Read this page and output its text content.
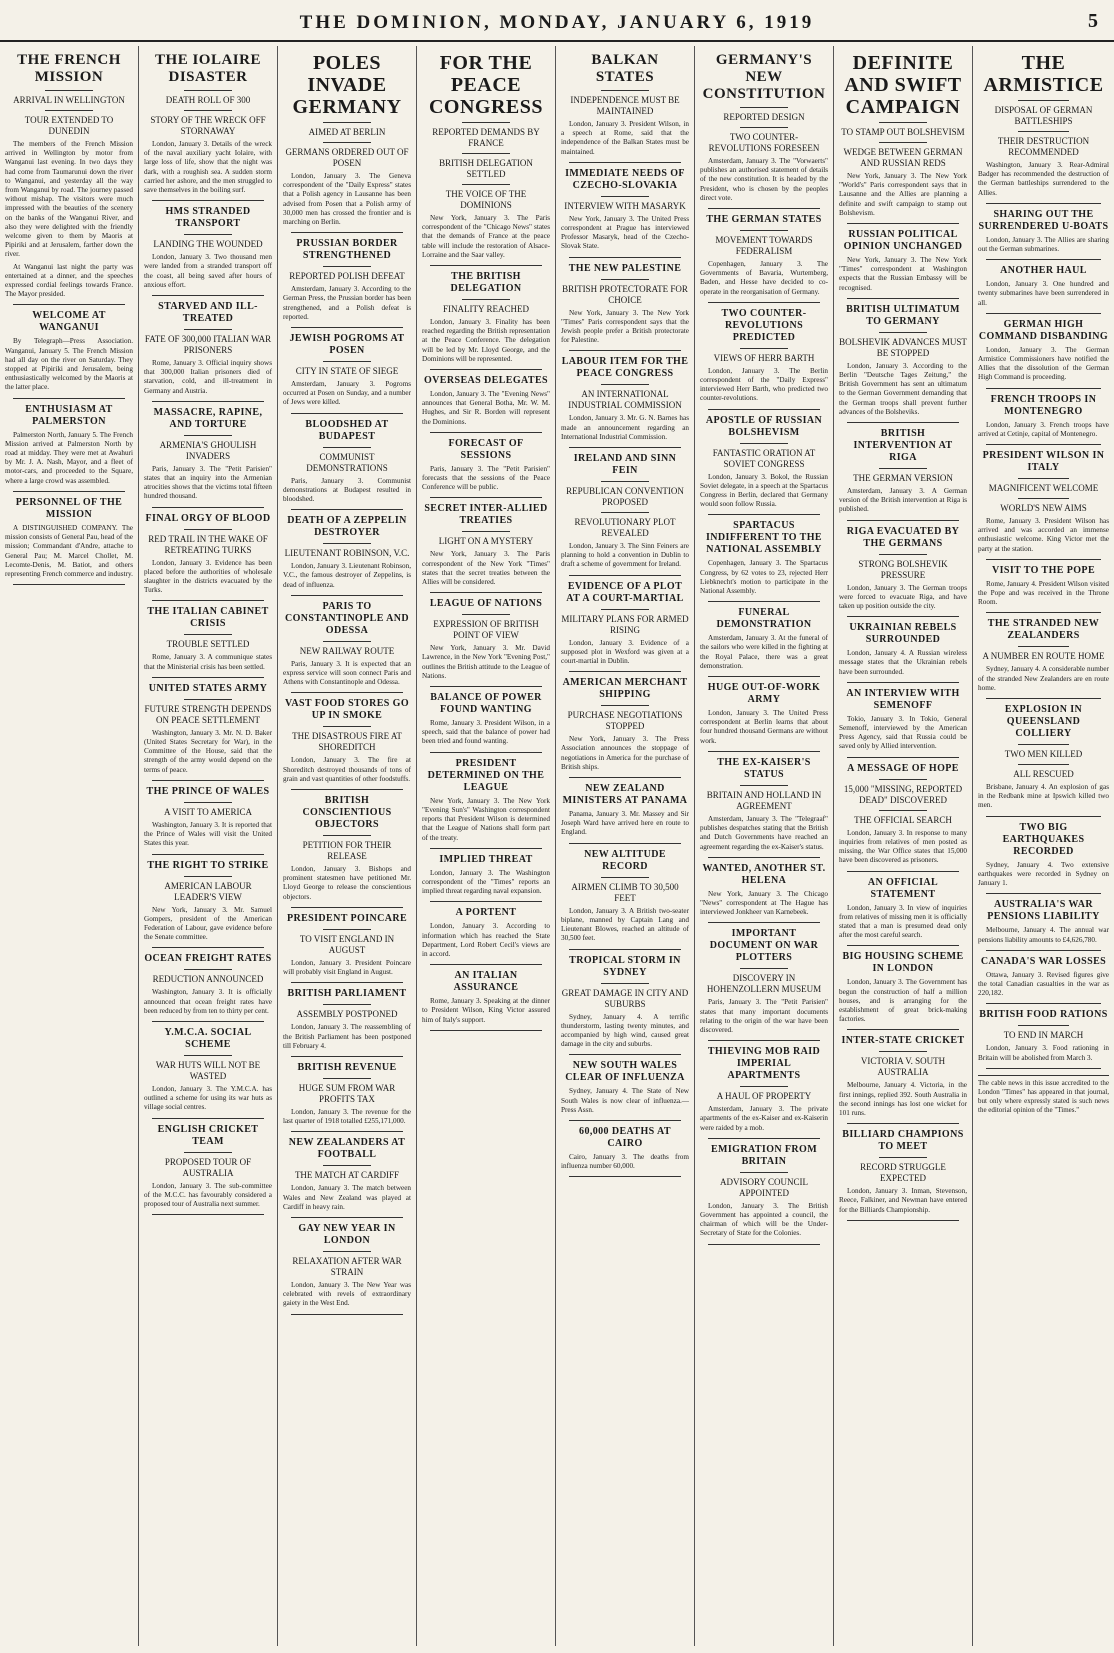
THE DOMINION, MONDAY, JANUARY 6, 1919	5
THE FRENCH MISSION
ARRIVAL IN WELLINGTON
TOUR EXTENDED TO DUNEDIN

The members of the French Mission arrived in Wellington by motor from Wanganui last evening. In two days they had come from Taumarunui down the river to Wanganui, and yesterday all the way from Wanganui by road. The journey passed without mishap. The visitors were much impressed with the beauties of the scenery on the banks of the Wanganui River, and also they were delighted with the friendly welcome given to them by Maoris at Pipiriki and at Jerusalem, farther down the river.

At Wanganui last night the party was entertained at a dinner, and the speeches expressed cordial feelings towards France. The Mayor presided.

WELCOME AT WANGANUI

By Telegraph—Press Association. Wanganui, January 5. The French Mission had all day on the river on Saturday. They stopped at Pipiriki and Jerusalem, being enthusiastically welcomed by the Maoris at the latter place.

ENTHUSIASM AT PALMERSTON

Palmerston North, January 5. The French Mission arrived at Palmerston North by road at midday. They were met at Awahuri by Mr. J. A. Nash, Mayor, and a fleet of motor-cars, and proceeded to the Square, where a large crowd was assembled.

PERSONNEL OF THE MISSION

A DISTINGUISHED COMPANY. The mission consists of General Pau, head of the mission; Commandant d'Andre, attache to General Pau; M. Marcel Chollet, M. Lecomte-Denis, M. Batiot, and others representing French commerce and industry.

THE IOLAIRE DISASTER
DEATH ROLL OF 300
STORY OF THE WRECK OFF STORNAWAY

London, January 3. Details of the wreck of the naval auxiliary yacht Iolaire, with large loss of life, show that the night was dark, with a roughish sea. A sudden storm carried her ashore, and the men struggled to save themselves in the boiling surf.

HMS STRANDED TRANSPORT
LANDING THE WOUNDED

London, January 3. Two thousand men were landed from a stranded transport off the coast, all being saved after hours of anxious effort.

STARVED AND ILL-TREATED
FATE OF 300,000 ITALIAN WAR PRISONERS

Rome, January 3. Official inquiry shows that 300,000 Italian prisoners died of starvation, cold, and ill-treatment in Germany and Austria.

MASSACRE, RAPINE, AND TORTURE
ARMENIA'S GHOULISH INVADERS

Paris, January 3. The "Petit Parisien" states that an inquiry into the Armenian atrocities shows that the victims total fifteen hundred thousand.

FINAL ORGY OF BLOOD
RED TRAIL IN THE WAKE OF RETREATING TURKS

London, January 3. Evidence has been placed before the authorities of wholesale slaughter in the districts evacuated by the Turks.

THE ITALIAN CABINET CRISIS
TROUBLE SETTLED

Rome, January 3. A communique states that the Ministerial crisis has been settled.

UNITED STATES ARMY
FUTURE STRENGTH DEPENDS ON PEACE SETTLEMENT

Washington, January 3. Mr. N. D. Baker (United States Secretary for War), in the Committee of the House, said that the strength of the army would depend on the terms of peace.

THE PRINCE OF WALES
A VISIT TO AMERICA

Washington, January 3. It is reported that the Prince of Wales will visit the United States this year.

THE RIGHT TO STRIKE
AMERICAN LABOUR LEADER'S VIEW

New York, January 3. Mr. Samuel Gompers, president of the American Federation of Labour, gave evidence before the Senate committee.

OCEAN FREIGHT RATES
REDUCTION ANNOUNCED

Washington, January 3. It is officially announced that ocean freight rates have been reduced by from ten to thirty per cent.

Y.M.C.A. SOCIAL SCHEME
WAR HUTS WILL NOT BE WASTED

London, January 3. The Y.M.C.A. has outlined a scheme for using its war huts as village social centres.

ENGLISH CRICKET TEAM
PROPOSED TOUR OF AUSTRALIA

London, January 3. The sub-committee of the M.C.C. has favourably considered a proposed tour of Australia next summer.

POLES INVADE GERMANY
AIMED AT BERLIN
GERMANS ORDERED OUT OF POSEN

London, January 3. The Geneva correspondent of the "Daily Express" states that a Polish agency in Lausanne has been advised from Posen that a Polish army of 30,000 men has crossed the frontier and is marching on Berlin.

PRUSSIAN BORDER STRENGTHENED
REPORTED POLISH DEFEAT

Amsterdam, January 3. According to the German Press, the Prussian border has been strengthened, and a Polish defeat is reported.

JEWISH POGROMS AT POSEN
CITY IN STATE OF SIEGE

Amsterdam, January 3. Pogroms occurred at Posen on Sunday, and a number of Jews were killed.

BLOODSHED AT BUDAPEST
COMMUNIST DEMONSTRATIONS

Paris, January 3. Communist demonstrations at Budapest resulted in bloodshed.

DEATH OF A ZEPPELIN DESTROYER
LIEUTENANT ROBINSON, V.C.

London, January 3. Lieutenant Robinson, V.C., the famous destroyer of Zeppelins, is dead of influenza.

PARIS TO CONSTANTINOPLE AND ODESSA
NEW RAILWAY ROUTE

Paris, January 3. It is expected that an express service will soon connect Paris and Athens with Constantinople and Odessa.

VAST FOOD STORES GO UP IN SMOKE
THE DISASTROUS FIRE AT SHOREDITCH

London, January 3. The fire at Shoreditch destroyed thousands of tons of grain and vast quantities of other foodstuffs.

BRITISH CONSCIENTIOUS OBJECTORS
PETITION FOR THEIR RELEASE

London, January 3. Bishops and prominent statesmen have petitioned Mr. Lloyd George to release the conscientious objectors.

PRESIDENT POINCARE
TO VISIT ENGLAND IN AUGUST

London, January 3. President Poincare will probably visit England in August.

BRITISH PARLIAMENT
ASSEMBLY POSTPONED

London, January 3. The reassembling of the British Parliament has been postponed till February 4.

BRITISH REVENUE
HUGE SUM FROM WAR PROFITS TAX

London, January 3. The revenue for the last quarter of 1918 totalled £255,171,000.

NEW ZEALANDERS AT FOOTBALL
THE MATCH AT CARDIFF

London, January 3. The match between Wales and New Zealand was played at Cardiff in heavy rain.

GAY NEW YEAR IN LONDON
RELAXATION AFTER WAR STRAIN

London, January 3. The New Year was celebrated with revels of extraordinary gaiety in the West End.

FOR THE PEACE CONGRESS
REPORTED DEMANDS BY FRANCE
BRITISH DELEGATION SETTLED
THE VOICE OF THE DOMINIONS

New York, January 3. The Paris correspondent of the "Chicago News" states that the demands of France at the peace table will include the restoration of Alsace-Lorraine and the Saar valley.

THE BRITISH DELEGATION
FINALITY REACHED

London, January 3. Finality has been reached regarding the British representation at the Peace Conference. The delegation will be led by Mr. Lloyd George, and the Dominions will be represented.

OVERSEAS DELEGATES

London, January 3. The "Evening News" announces that General Botha, Mr. W. M. Hughes, and Sir R. Borden will represent the Dominions.

FORECAST OF SESSIONS

Paris, January 3. The "Petit Parisien" forecasts that the sessions of the Peace Conference will be public.

SECRET INTER-ALLIED TREATIES
LIGHT ON A MYSTERY

New York, January 3. The Paris correspondent of the New York "Times" states that the secret treaties between the Allies will be considered.

LEAGUE OF NATIONS
EXPRESSION OF BRITISH POINT OF VIEW

New York, January 3. Mr. David Lawrence, in the New York "Evening Post," outlines the British attitude to the League of Nations.

BALANCE OF POWER FOUND WANTING

Rome, January 3. President Wilson, in a speech, said that the balance of power had been tried and found wanting.

PRESIDENT DETERMINED ON THE LEAGUE

New York, January 3. The New York "Evening Sun's" Washington correspondent reports that President Wilson is determined that the League of Nations shall form part of the treaty.

IMPLIED THREAT

London, January 3. The Washington correspondent of the "Times" reports an implied threat regarding naval expansion.

A PORTENT

London, January 3. According to information which has reached the State Department, Lord Robert Cecil's views are in accord.

AN ITALIAN ASSURANCE

Rome, January 3. Speaking at the dinner to President Wilson, King Victor assured him of Italy's support.

BALKAN STATES
INDEPENDENCE MUST BE MAINTAINED

London, January 3. President Wilson, in a speech at Rome, said that the independence of the Balkan States must be maintained.

IMMEDIATE NEEDS OF CZECHO-SLOVAKIA
INTERVIEW WITH MASARYK

New York, January 3. The United Press correspondent at Prague has interviewed Professor Masaryk, head of the Czecho-Slovak State.

THE NEW PALESTINE
BRITISH PROTECTORATE FOR CHOICE

New York, January 3. The New York "Times" Paris correspondent says that the Jewish people prefer a British protectorate for Palestine.

LABOUR ITEM FOR THE PEACE CONGRESS
AN INTERNATIONAL INDUSTRIAL COMMISSION

London, January 3. Mr. G. N. Barnes has made an announcement regarding an International Industrial Commission.

IRELAND AND SINN FEIN
REPUBLICAN CONVENTION PROPOSED
REVOLUTIONARY PLOT REVEALED

London, January 3. The Sinn Feiners are planning to hold a convention in Dublin to draft a scheme of government for Ireland.

EVIDENCE OF A PLOT AT A COURT-MARTIAL
MILITARY PLANS FOR ARMED RISING

London, January 3. Evidence of a supposed plot in Wexford was given at a court-martial in Dublin.

AMERICAN MERCHANT SHIPPING
PURCHASE NEGOTIATIONS STOPPED

New York, January 3. The Press Association announces the stoppage of negotiations in America for the purchase of British ships.

NEW ZEALAND MINISTERS AT PANAMA

Panama, January 3. Mr. Massey and Sir Joseph Ward have arrived here en route to England.

NEW ALTITUDE RECORD
AIRMEN CLIMB TO 30,500 FEET

London, January 3. A British two-seater biplane, manned by Captain Lang and Lieutenant Blowes, reached an altitude of 30,500 feet.

TROPICAL STORM IN SYDNEY
GREAT DAMAGE IN CITY AND SUBURBS

Sydney, January 4. A terrific thunderstorm, lasting twenty minutes, and accompanied by high wind, caused great damage in the city and suburbs.

NEW SOUTH WALES CLEAR OF INFLUENZA

Sydney, January 4. The State of New South Wales is now clear of influenza.—Press Assn.

60,000 DEATHS AT CAIRO

Cairo, January 3. The deaths from influenza number 60,000.

GERMANY'S NEW CONSTITUTION
REPORTED DESIGN
TWO COUNTER-REVOLUTIONS FORESEEN

Amsterdam, January 3. The "Vorwaerts" publishes an authorised statement of details of the new constitution. It is headed by the President, who is chosen by the peoples direct vote.

THE GERMAN STATES
MOVEMENT TOWARDS FEDERALISM

Copenhagen, January 3. The Governments of Bavaria, Wurtemberg, Baden, and Hesse have decided to co-operate in the reorganisation of Germany.

TWO COUNTER-REVOLUTIONS PREDICTED
VIEWS OF HERR BARTH

London, January 3. The Berlin correspondent of the "Daily Express" interviewed Herr Barth, who predicted two counter-revolutions.

APOSTLE OF RUSSIAN BOLSHEVISM
FANTASTIC ORATION AT SOVIET CONGRESS

London, January 3. Bokol, the Russian Soviet delegate, in a speech at the Spartacus Congress in Berlin, declared that Germany would soon follow Russia.

SPARTACUS INDIFFERENT TO THE NATIONAL ASSEMBLY

Copenhagen, January 3. The Spartacus Congress, by 62 votes to 23, rejected Herr Liebknecht's motion to participate in the National Assembly.

FUNERAL DEMONSTRATION

Amsterdam, January 3. At the funeral of the sailors who were killed in the fighting at the Royal Palace, there was a great demonstration.

HUGE OUT-OF-WORK ARMY

London, January 3. The United Press correspondent at Berlin learns that about four hundred thousand Germans are without work.

THE EX-KAISER'S STATUS
BRITAIN AND HOLLAND IN AGREEMENT

Amsterdam, January 3. The "Telegraaf" publishes despatches stating that the British and Dutch Governments have reached an agreement regarding the ex-Kaiser's status.

WANTED, ANOTHER ST. HELENA

New York, January 3. The Chicago "News" correspondent at The Hague has interviewed Jonkheer van Karnebeek.

IMPORTANT DOCUMENT ON WAR PLOTTERS
DISCOVERY IN HOHENZOLLERN MUSEUM

Paris, January 3. The "Petit Parisien" states that many important documents relating to the origin of the war have been discovered.

THIEVING MOB RAID IMPERIAL APARTMENTS
A HAUL OF PROPERTY

Amsterdam, January 3. The private apartments of the ex-Kaiser and ex-Kaiserin were raided by a mob.

EMIGRATION FROM BRITAIN
ADVISORY COUNCIL APPOINTED

London, January 3. The British Government has appointed a council, the chairman of which will be the Under-Secretary of State for the Colonies.

DEFINITE AND SWIFT CAMPAIGN
TO STAMP OUT BOLSHEVISM
WEDGE BETWEEN GERMAN AND RUSSIAN REDS

New York, January 3. The New York "World's" Paris correspondent says that in Lausanne and the Allies are planning a definite and swift campaign to stamp out Bolshevism.

RUSSIAN POLITICAL OPINION UNCHANGED

New York, January 3. The New York "Times" correspondent at Washington expects that the Russian Embassy will be recognised.

BRITISH ULTIMATUM TO GERMANY
BOLSHEVIK ADVANCES MUST BE STOPPED

London, January 3. According to the Berlin "Deutsche Tages Zeitung," the British Government has sent an ultimatum to the German Government demanding that the German troops shall prevent further advances of the Bolsheviks.

BRITISH INTERVENTION AT RIGA
THE GERMAN VERSION

Amsterdam, January 3. A German version of the British intervention at Riga is published.

RIGA EVACUATED BY THE GERMANS
STRONG BOLSHEVIK PRESSURE

London, January 3. The German troops were forced to evacuate Riga, and have taken up position outside the city.

UKRAINIAN REBELS SURROUNDED

London, January 4. A Russian wireless message states that the Ukrainian rebels have been surrounded.

AN INTERVIEW WITH SEMENOFF

Tokio, January 3. In Tokio, General Semenoff, interviewed by the American Press Agency, said that Russia could be saved only by Allied intervention.

A MESSAGE OF HOPE
15,000 "MISSING, REPORTED DEAD" DISCOVERED
THE OFFICIAL SEARCH

London, January 3. In response to many inquiries from relatives of men posted as missing, the War Office states that 15,000 have been discovered as prisoners.

AN OFFICIAL STATEMENT

London, January 3. In view of inquiries from relatives of missing men it is officially stated that a man is presumed dead only after the most careful search.

BIG HOUSING SCHEME IN LONDON

London, January 3. The Government has begun the construction of half a million houses, and is arranging for the establishment of great brick-making factories.

INTER-STATE CRICKET
VICTORIA V. SOUTH AUSTRALIA

Melbourne, January 4. Victoria, in the first innings, replied 392. South Australia in the second innings has lost one wicket for 101 runs.

BILLIARD CHAMPIONS TO MEET
RECORD STRUGGLE EXPECTED

London, January 3. Inman, Stevenson, Reece, Falkiner, and Newman have entered for the Billiards Championship.

THE ARMISTICE
DISPOSAL OF GERMAN BATTLESHIPS
THEIR DESTRUCTION RECOMMENDED

Washington, January 3. Rear-Admiral Badger has recommended the destruction of the German battleships surrendered to the Allies.

SHARING OUT THE SURRENDERED U-BOATS

London, January 3. The Allies are sharing out the German submarines.

ANOTHER HAUL

London, January 3. One hundred and twenty submarines have been surrendered in all.

GERMAN HIGH COMMAND DISBANDING

London, January 3. The German Armistice Commissioners have notified the Allies that the dissolution of the German High Command is proceeding.

FRENCH TROOPS IN MONTENEGRO

London, January 3. French troops have arrived at Cetinje, capital of Montenegro.

PRESIDENT WILSON IN ITALY
MAGNIFICENT WELCOME
WORLD'S NEW AIMS

Rome, January 3. President Wilson has arrived and was accorded an immense enthusiastic welcome. King Victor met the party at the station.

VISIT TO THE POPE

Rome, January 4. President Wilson visited the Pope and was received in the Throne Room.

THE STRANDED NEW ZEALANDERS
A NUMBER EN ROUTE HOME

Sydney, January 4. A considerable number of the stranded New Zealanders are en route home.

EXPLOSION IN QUEENSLAND COLLIERY
TWO MEN KILLED
ALL RESCUED

Brisbane, January 4. An explosion of gas in the Redbank mine at Ipswich killed two men.

TWO BIG EARTHQUAKES RECORDED

Sydney, January 4. Two extensive earthquakes were recorded in Sydney on January 1.

AUSTRALIA'S WAR PENSIONS LIABILITY

Melbourne, January 4. The annual war pensions liability amounts to £4,626,780.

CANADA'S WAR LOSSES

Ottawa, January 3. Revised figures give the total Canadian casualties in the war as 220,182.

BRITISH FOOD RATIONS
TO END IN MARCH

London, January 3. Food rationing in Britain will be abolished from March 3.

The cable news in this issue accredited to the London "Times" has appeared in that journal, but only where expressly stated is such news the editorial opinion of the "Times."
